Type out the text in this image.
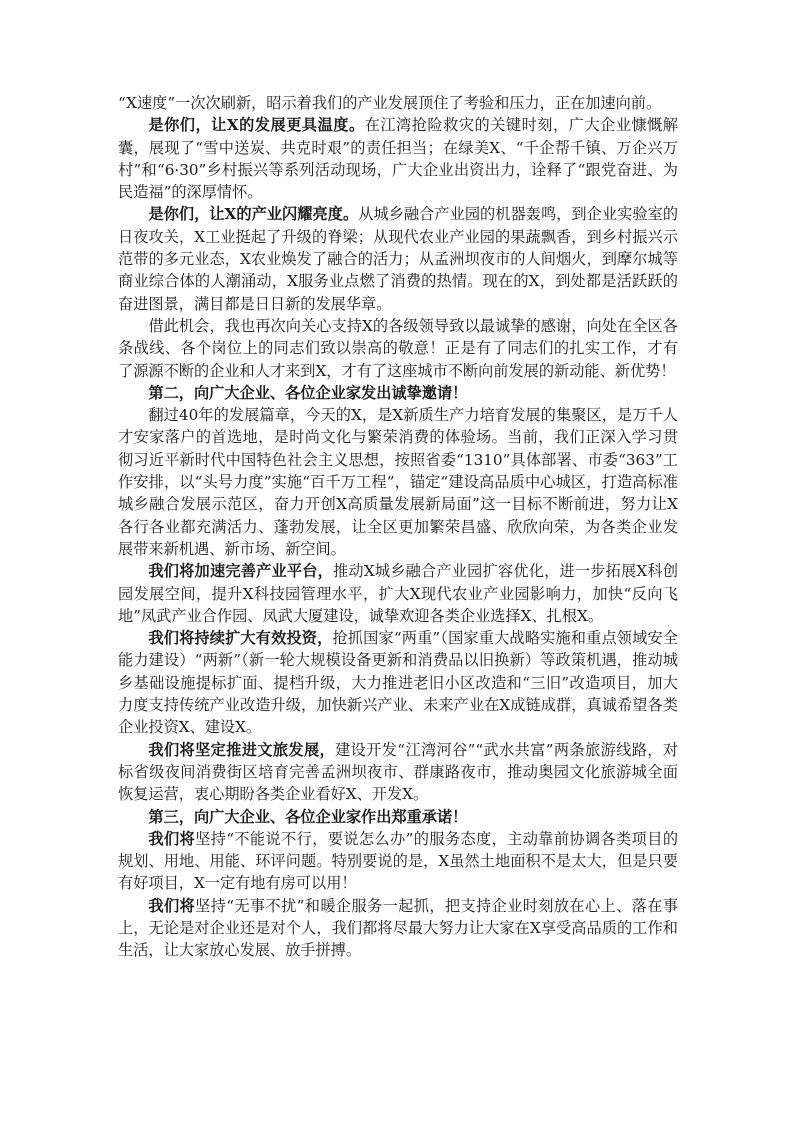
“X速度”一次次刷新，昭示着我们的产业发展顶住了考验和压力，正在加速向前。

是你们，让X的发展更具温度。在江湾抢险救灾的关键时刻，广大企业慷慨解囊，展现了“雪中送炭、共克时艰”的责任担当；在绿美X、“千企帮千镇、万企兴万村”和“6·30”乡村振兴等系列活动现场，广大企业出资出力，诠释了“跟党奋进、为民造福”的深厚情怀。

是你们，让X的产业闪耀亮度。从城乡融合产业园的机器轰鸣，到企业实验室的日夜攻关，X工业挺起了升级的脊梁；从现代农业产业园的果蔬飘香，到乡村振兴示范带的多元业态，X农业焕发了融合的活力；从孟洲坝夜市的人间烟火，到摩尔城等商业综合体的人潮涌动，X服务业点燃了消费的热情。现在的X，到处都是活跃跃的奋进图景，满目都是日日新的发展华章。

借此机会，我也再次向关心支持X的各级领导致以最诚挚的感谢，向处在全区各条战线、各个岗位上的同志们致以崇高的敬意！正是有了同志们的扎实工作，才有了源源不断的企业和人才来到X，才有了这座城市不断向前发展的新动能、新优势！

第二，向广大企业、各位企业家发出诚挚邀请！

翻过40年的发展篇章，今天的X，是X新质生产力培育发展的集聚区，是万千人才安家落户的首选地，是时尚文化与繁荣消费的体验场。当前，我们正深入学习贯彻习近平新时代中国特色社会主义思想，按照省委“1310”具体部署、市委“363”工作安排，以“头号力度”实施“百千万工程”，锚定“建设高品质中心城区，打造高标准城乡融合发展示范区，奋力开创X高质量发展新局面”这一目标不断前进，努力让X各行各业都充满活力、蓬勃发展，让全区更加繁荣昌盛、欣欣向荣，为各类企业发展带来新机遇、新市场、新空间。

我们将加速完善产业平台，推动X城乡融合产业园扩容优化，进一步拓展X科创园发展空间，提升X科技园管理水平，扩大X现代农业产业园影响力，加快“反向飞地”凤武产业合作园、凤武大厦建设，诚挚欢迎各类企业选择X、扎根X。

我们将持续扩大有效投资，抢抓国家“两重”（国家重大战略实施和重点领域安全能力建设）“两新”（新一轮大规模设备更新和消费品以旧换新）等政策机遇，推动城乡基础设施提标扩面、提档升级，大力推进老旧小区改造和“三旧”改造项目，加大力度支持传统产业改造升级，加快新兴产业、未来产业在X成链成群，真诚希望各类企业投资X、建设X。

我们将坚定推进文旅发展，建设开发“江湾河谷”“武水共富”两条旅游线路，对标省级夜间消费街区培育完善孟洲坝夜市、群康路夜市，推动奥园文化旅游城全面恢复运营，衷心期盼各类企业看好X、开发X。

第三，向广大企业、各位企业家作出郑重承诺！

我们将坚持“不能说不行，要说怎么办”的服务态度，主动靠前协调各类项目的规划、用地、用能、环评问题。特别要说的是，X虽然土地面积不是太大，但是只要有好项目，X一定有地有房可以用！

我们将坚持“无事不扰”和暖企服务一起抓，把支持企业时刻放在心上、落在事上，无论是对企业还是对个人，我们都将尽最大努力让大家在X享受高品质的工作和生活，让大家放心发展、放手拼搏。
